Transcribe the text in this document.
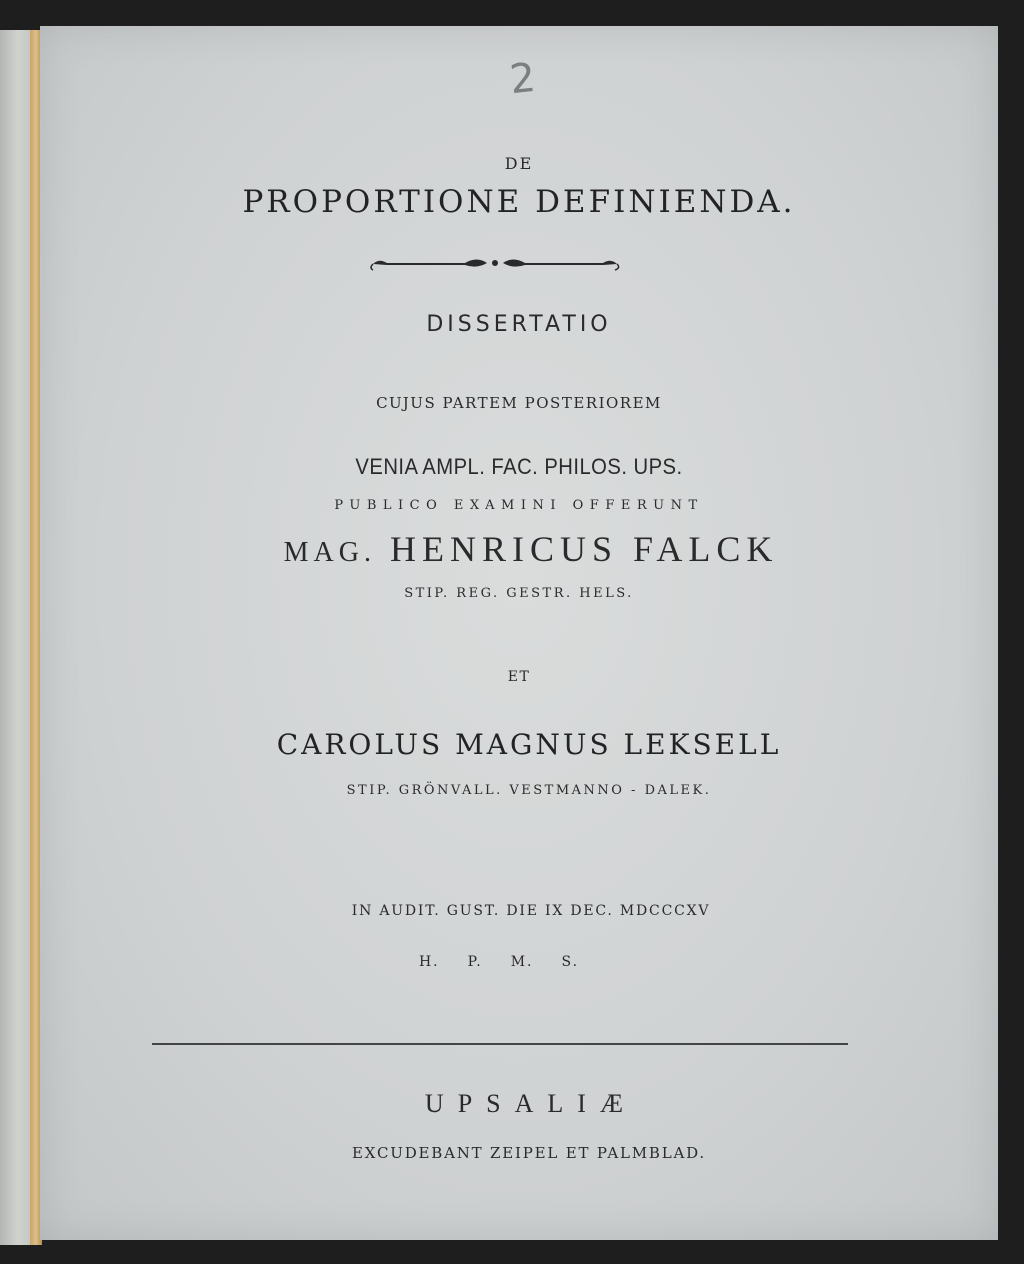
2
DE
PROPORTIONE DEFINIENDA.
DISSERTATIO
CUJUS PARTEM POSTERIOREM
VENIA AMPL. FAC. PHILOS. UPS.
PUBLICO EXAMINI OFFERUNT
MAG. HENRICUS FALCK
STIP. REG. GESTR. HELS.
ET
CAROLUS MAGNUS LEKSELL
STIP. GRÖNVALL. VESTMANNO - DALEK.
IN AUDIT. GUST. DIE IX DEC. MDCCCXV
H. P. M. S.
UPSALIÆ
EXCUDEBANT ZEIPEL ET PALMBLAD.
